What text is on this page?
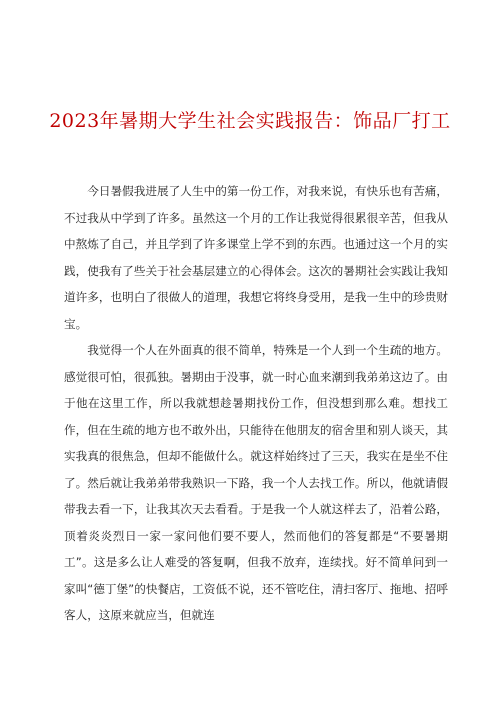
2023年暑期大学生社会实践报告：饰品厂打工

今日暑假我进展了人生中的第一份工作，对我来说，有快乐也有苦痛，不过我从中学到了许多。虽然这一个月的工作让我觉得很累很辛苦，但我从中熬炼了自己，并且学到了许多课堂上学不到的东西。也通过这一个月的实践，使我有了些关于社会基层建立的心得体会。这次的暑期社会实践让我知道许多，也明白了很做人的道理，我想它将终身受用，是我一生中的珍贵财宝。

我觉得一个人在外面真的很不简单，特殊是一个人到一个生疏的地方。感觉很可怕，很孤独。暑期由于没事，就一时心血来潮到我弟弟这边了。由于他在这里工作，所以我就想趁暑期找份工作，但没想到那么难。想找工作，但在生疏的地方也不敢外出，只能待在他朋友的宿舍里和别人谈天，其实我真的很焦急，但却不能做什么。就这样始终过了三天，我实在是坐不住了。然后就让我弟弟带我熟识一下路，我一个人去找工作。所以，他就请假带我去看一下，让我其次天去看看。于是我一个人就这样去了，沿着公路，顶着炎炎烈日一家一家问他们要不要人，然而他们的答复都是“不要暑期工”。这是多么让人难受的答复啊，但我不放弃，连续找。好不简单问到一家叫“德丁堡”的快餐店，工资低不说，还不管吃住，清扫客厅、拖地、招呼客人，这原来就应当，但就连
